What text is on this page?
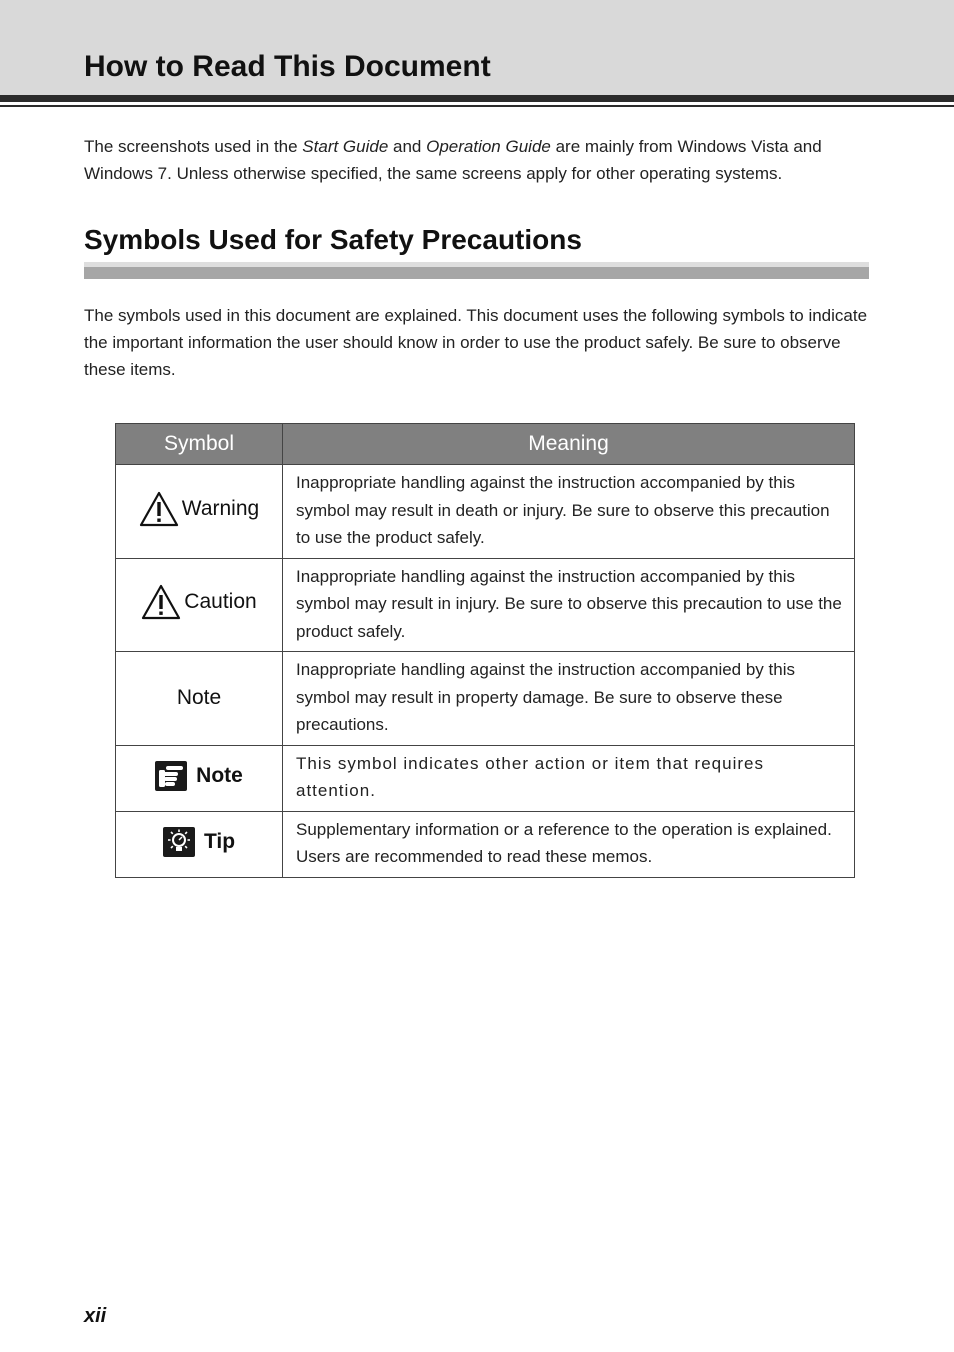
How to Read This Document

The screenshots used in the Start Guide and Operation Guide are mainly from Windows Vista and Windows 7. Unless otherwise specified, the same screens apply for other operating systems.

Symbols Used for Safety Precautions

The symbols used in this document are explained. This document uses the following symbols to indicate the important information the user should know in order to use the product safely. Be sure to observe these items.

Symbol	Meaning

Warning	Inappropriate handling against the instruction accompanied by this symbol may result in death or injury. Be sure to observe this precaution to use the product safely.

Caution	Inappropriate handling against the instruction accompanied by this symbol may result in injury. Be sure to observe this precaution to use the product safely.

Note	Inappropriate handling against the instruction accompanied by this symbol may result in property damage. Be sure to observe these precautions.

Note	This symbol indicates other action or item that requires attention.

Tip	Supplementary information or a reference to the operation is explained. Users are recommended to read these memos.
xii
